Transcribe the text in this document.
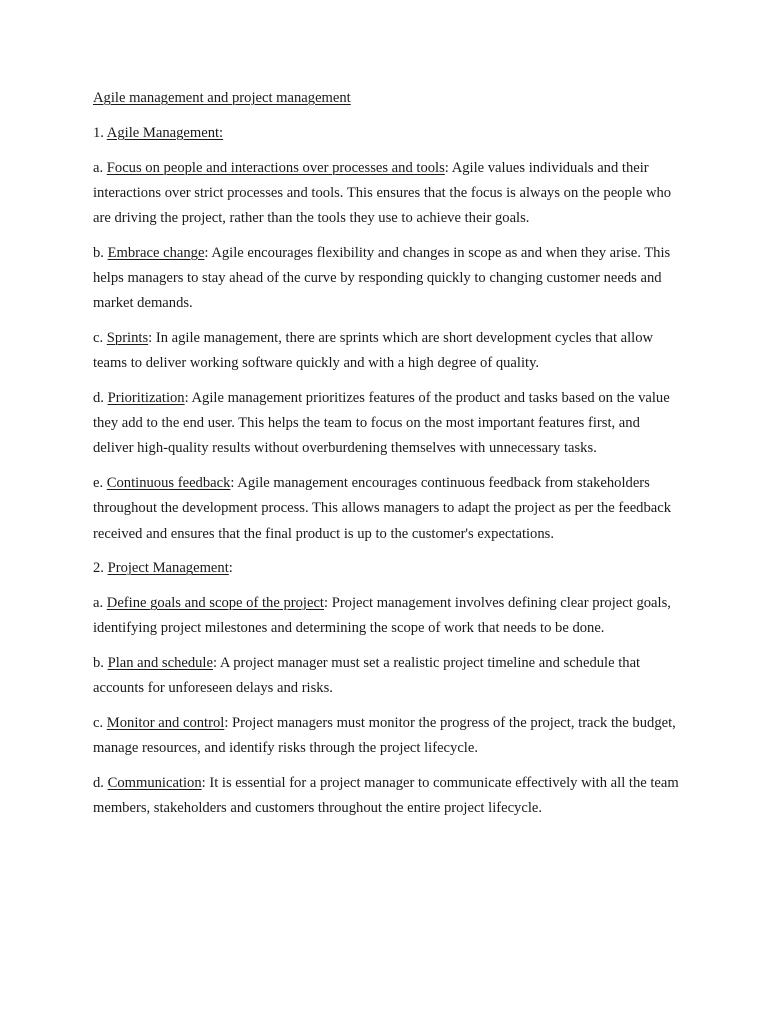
Agile management and project management

1. Agile Management:

a. Focus on people and interactions over processes and tools: Agile values individuals and their interactions over strict processes and tools. This ensures that the focus is always on the people who are driving the project, rather than the tools they use to achieve their goals.

b. Embrace change: Agile encourages flexibility and changes in scope as and when they arise. This helps managers to stay ahead of the curve by responding quickly to changing customer needs and market demands.

c. Sprints: In agile management, there are sprints which are short development cycles that allow teams to deliver working software quickly and with a high degree of quality.

d. Prioritization: Agile management prioritizes features of the product and tasks based on the value they add to the end user. This helps the team to focus on the most important features first, and deliver high-quality results without overburdening themselves with unnecessary tasks.

e. Continuous feedback: Agile management encourages continuous feedback from stakeholders throughout the development process. This allows managers to adapt the project as per the feedback received and ensures that the final product is up to the customer's expectations.

2. Project Management:

a. Define goals and scope of the project: Project management involves defining clear project goals, identifying project milestones and determining the scope of work that needs to be done.

b. Plan and schedule: A project manager must set a realistic project timeline and schedule that accounts for unforeseen delays and risks.

c. Monitor and control: Project managers must monitor the progress of the project, track the budget, manage resources, and identify risks through the project lifecycle.

d. Communication: It is essential for a project manager to communicate effectively with all the team members, stakeholders and customers throughout the entire project lifecycle.
